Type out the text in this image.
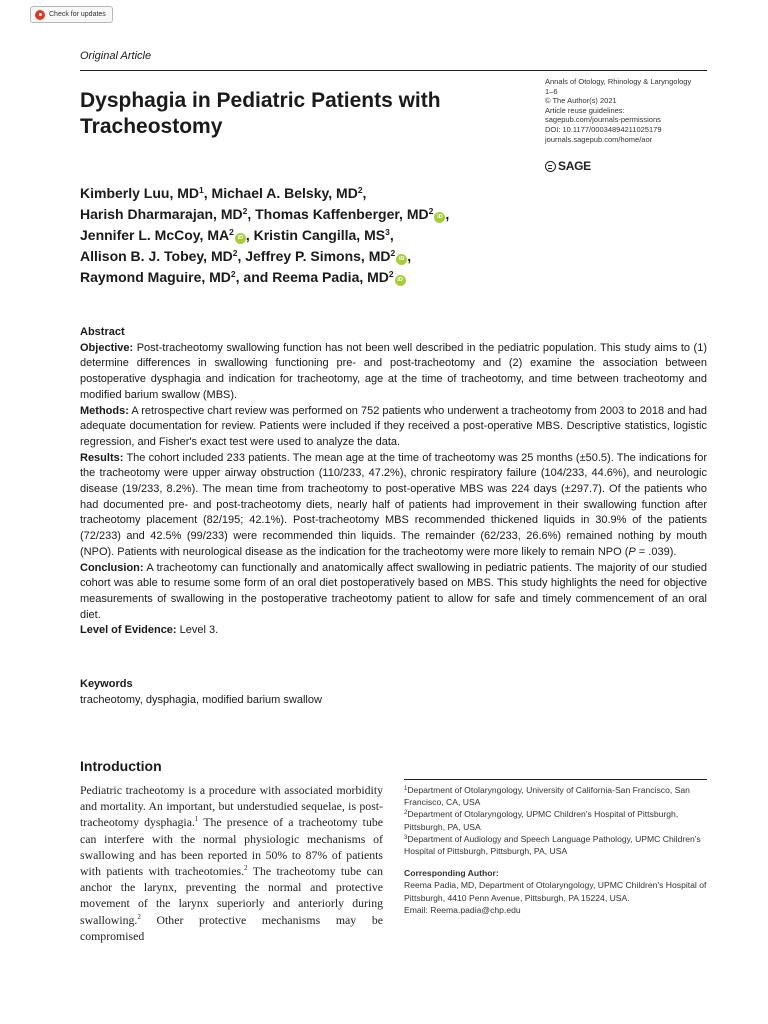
Check for updates
Original Article
Dysphagia in Pediatric Patients with Tracheostomy
Annals of Otology, Rhinology & Laryngology
1–6
© The Author(s) 2021
Article reuse guidelines:
sagepub.com/journals-permissions
DOI: 10.1177/00034894211025179
journals.sagepub.com/home/aor
SAGE
Kimberly Luu, $MD^1$, Michael A. Belsky, $MD^2$,
Harish Dharmarajan, $MD^2$, Thomas Kaffenberger, $MD^2iD$ ,
Jennifer L. McCoy, $MA^2iD$ , Kristin Cangilla, $MS^3$,
Allison B. J. Tobey, $MD^2$, Jeffrey P. Simons, $MD^2iD$ ,
Raymond Maguire, $MD^2$, and Reema Padia, $MD^2iD$
Abstract
Objective: Post-tracheotomy swallowing function has not been well described in the pediatric population. This study aims to (1) determine differences in swallowing functioning pre- and post-tracheotomy and (2) examine the association between postoperative dysphagia and indication for tracheotomy, age at the time of tracheotomy, and time between tracheotomy and modified barium swallow (MBS).
Methods: A retrospective chart review was performed on 752 patients who underwent a tracheotomy from 2003 to 2018 and had adequate documentation for review. Patients were included if they received a post-operative MBS. Descriptive statistics, logistic regression, and Fisher's exact test were used to analyze the data.
Results: The cohort included 233 patients. The mean age at the time of tracheotomy was 25 months (±50.5). The indications for the tracheotomy were upper airway obstruction (110/233, 47.2%), chronic respiratory failure (104/233, 44.6%), and neurologic disease (19/233, 8.2%). The mean time from tracheotomy to post-operative MBS was 224 days (±297.7). Of the patients who had documented pre- and post-tracheotomy diets, nearly half of patients had improvement in their swallowing function after tracheotomy placement (82/195; 42.1%). Post-tracheotomy MBS recommended thickened liquids in 30.9% of the patients (72/233) and 42.5% (99/233) were recommended thin liquids. The remainder (62/233, 26.6%) remained nothing by mouth (NPO). Patients with neurological disease as the indication for the tracheotomy were more likely to remain NPO (P = .039).
Conclusion: A tracheotomy can functionally and anatomically affect swallowing in pediatric patients. The majority of our studied cohort was able to resume some form of an oral diet postoperatively based on MBS. This study highlights the need for objective measurements of swallowing in the postoperative tracheotomy patient to allow for safe and timely commencement of an oral diet.
Level of Evidence: Level 3.
Keywords
tracheotomy, dysphagia, modified barium swallow
Introduction
Pediatric tracheotomy is a procedure with associated morbidity and mortality. An important, but understudied sequelae, is post-tracheotomy dysphagia.$^1$ The presence of a tracheotomy tube can interfere with the normal physiologic mechanisms of swallowing and has been reported in 50% to 87% of patients with patients with tracheotomies.$^2$ The tracheotomy tube can anchor the larynx, preventing the normal and protective movement of the larynx superiorly and anteriorly during swallowing.$^2$ Other protective mechanisms may be compromised

$^1$Department of Otolaryngology, University of California-San Francisco, San Francisco, CA, USA

$^2$Department of Otolaryngology, UPMC Children's Hospital of Pittsburgh, Pittsburgh, PA, USA

$^3$Department of Audiology and Speech Language Pathology, UPMC Children's Hospital of Pittsburgh, Pittsburgh, PA, USA

Corresponding Author:

Reema Padia, MD, Department of Otolaryngology, UPMC Children's Hospital of Pittsburgh, 4410 Penn Avenue, Pittsburgh, PA 15224, USA.

Email: Reema.padia@chp.edu
